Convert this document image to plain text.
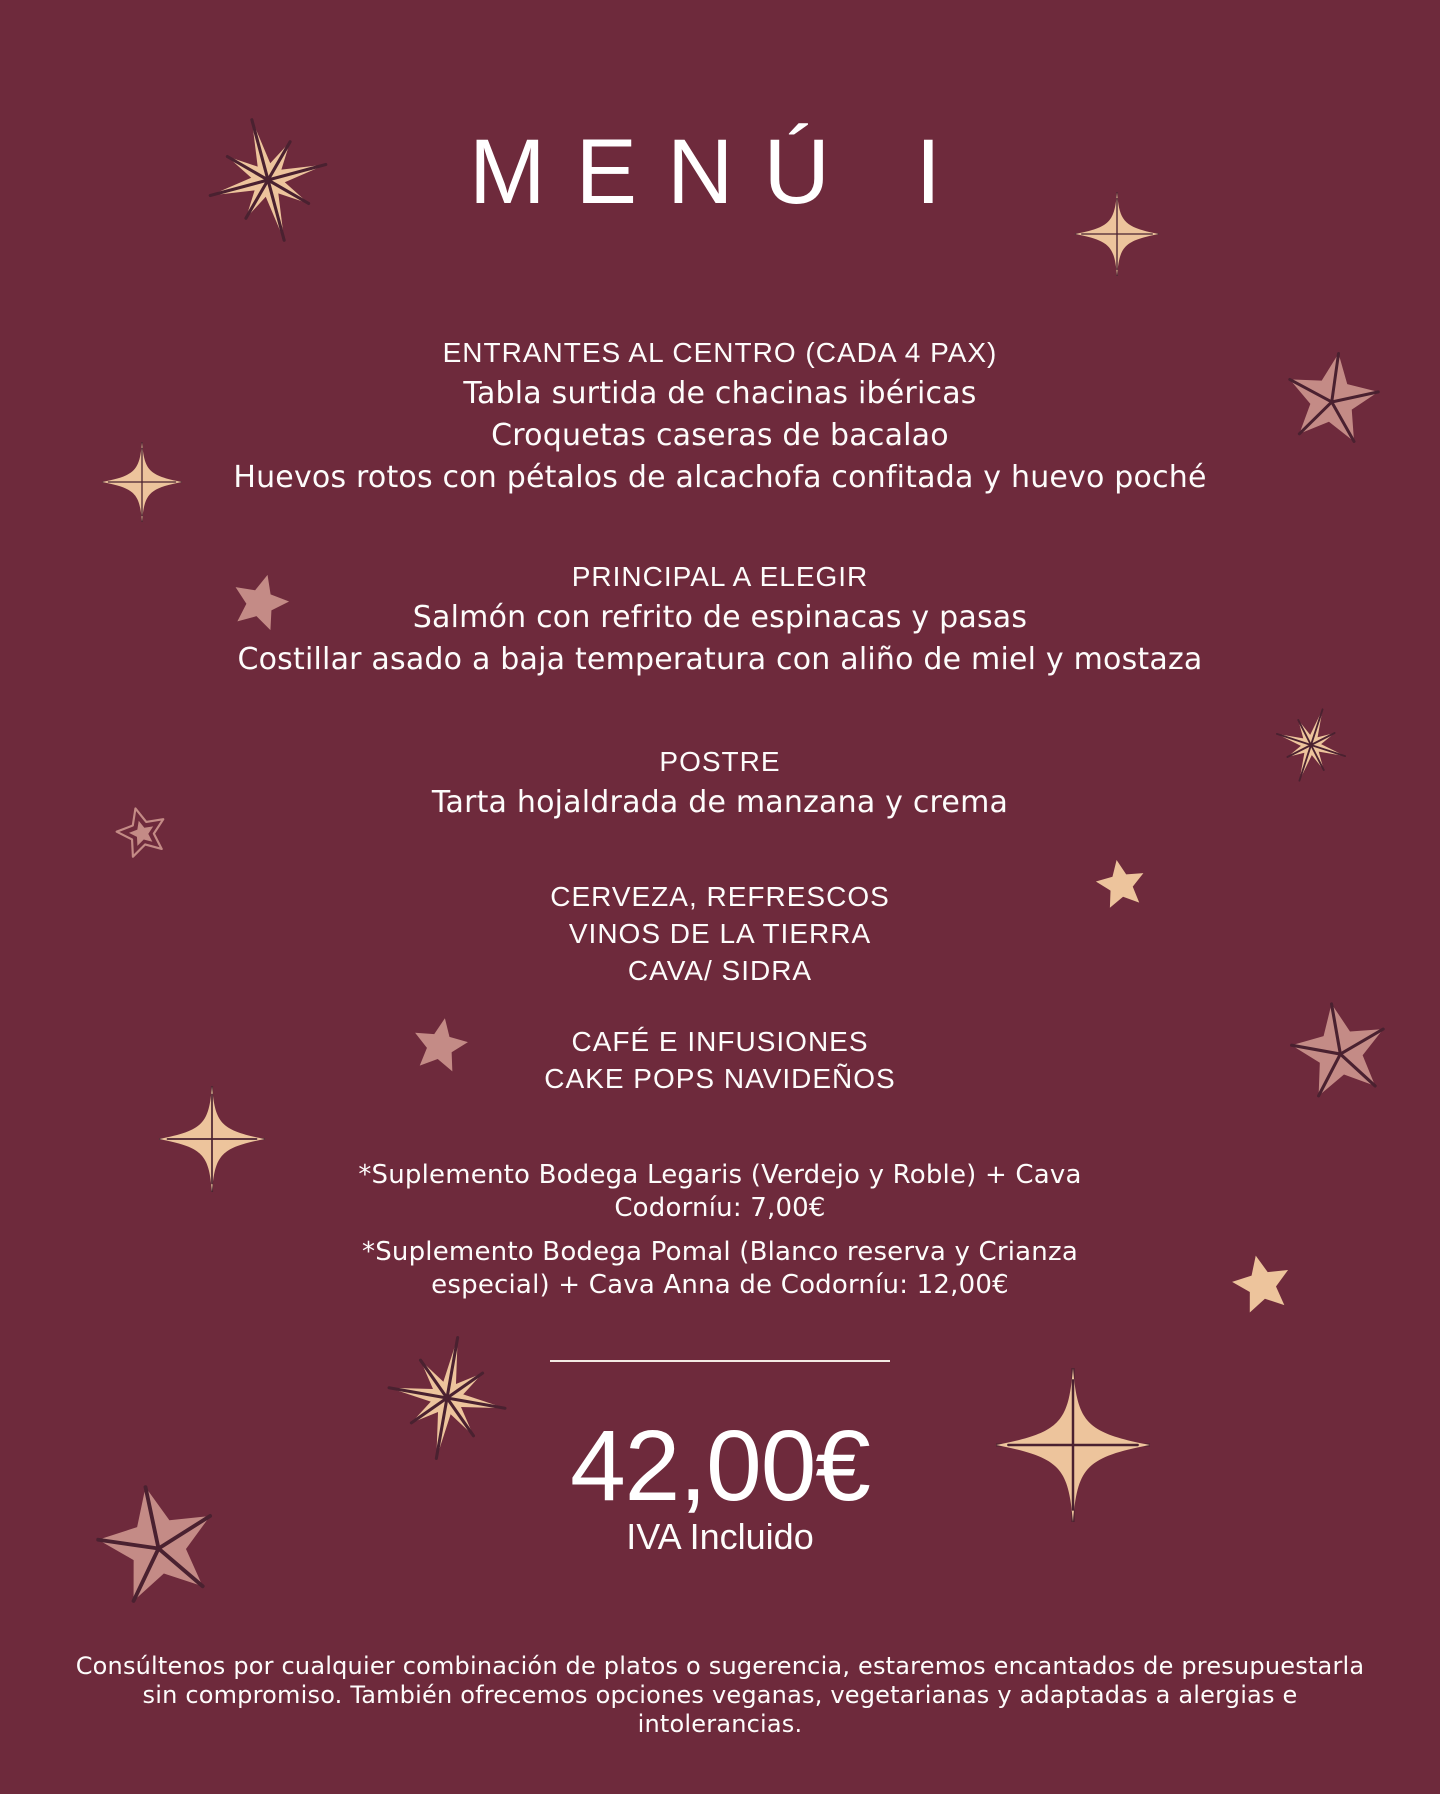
MENÚ I
ENTRANTES AL CENTRO (CADA 4 PAX)
Tabla surtida de chacinas ibéricas
Croquetas caseras de bacalao
Huevos rotos con pétalos de alcachofa confitada y huevo poché
PRINCIPAL A ELEGIR
Salmón con refrito de espinacas y pasas
Costillar asado a baja temperatura con aliño de miel y mostaza
POSTRE
Tarta hojaldrada de manzana y crema
CERVEZA, REFRESCOS
VINOS DE LA TIERRA
CAVA/ SIDRA
CAFÉ E INFUSIONES
CAKE POPS NAVIDEÑOS
*Suplemento Bodega Legaris (Verdejo y Roble) + Cava
Codorníu: 7,00€
*Suplemento Bodega Pomal (Blanco reserva y Crianza
especial) + Cava Anna de Codorníu: 12,00€
42,00€
IVA Incluido
Consúltenos por cualquier combinación de platos o sugerencia, estaremos encantados de presupuestarla
sin compromiso. También ofrecemos opciones veganas, vegetarianas y adaptadas a alergias e
intolerancias.
